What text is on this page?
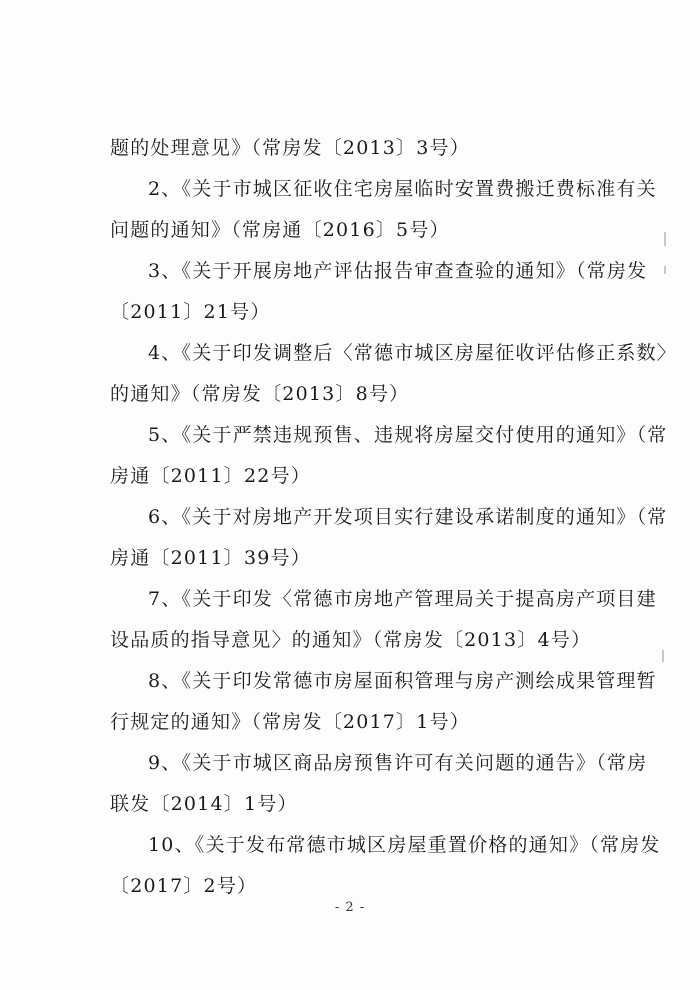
题的处理意见》（常房发〔2013〕3号）
2、《关于市城区征收住宅房屋临时安置费搬迁费标准有关
问题的通知》（常房通〔2016〕5号）
3、《关于开展房地产评估报告审查查验的通知》（常房发
〔2011〕21号）
4、《关于印发调整后〈常德市城区房屋征收评估修正系数〉
的通知》（常房发〔2013〕8号）
5、《关于严禁违规预售、违规将房屋交付使用的通知》（常
房通〔2011〕22号）
6、《关于对房地产开发项目实行建设承诺制度的通知》（常
房通〔2011〕39号）
7、《关于印发〈常德市房地产管理局关于提高房产项目建
设品质的指导意见〉的通知》（常房发〔2013〕4号）
8、《关于印发常德市房屋面积管理与房产测绘成果管理暂
行规定的通知》（常房发〔2017〕1号）
9、《关于市城区商品房预售许可有关问题的通告》（常房
联发〔2014〕1号）
10、《关于发布常德市城区房屋重置价格的通知》（常房发
〔2017〕2号）
- 2 -
